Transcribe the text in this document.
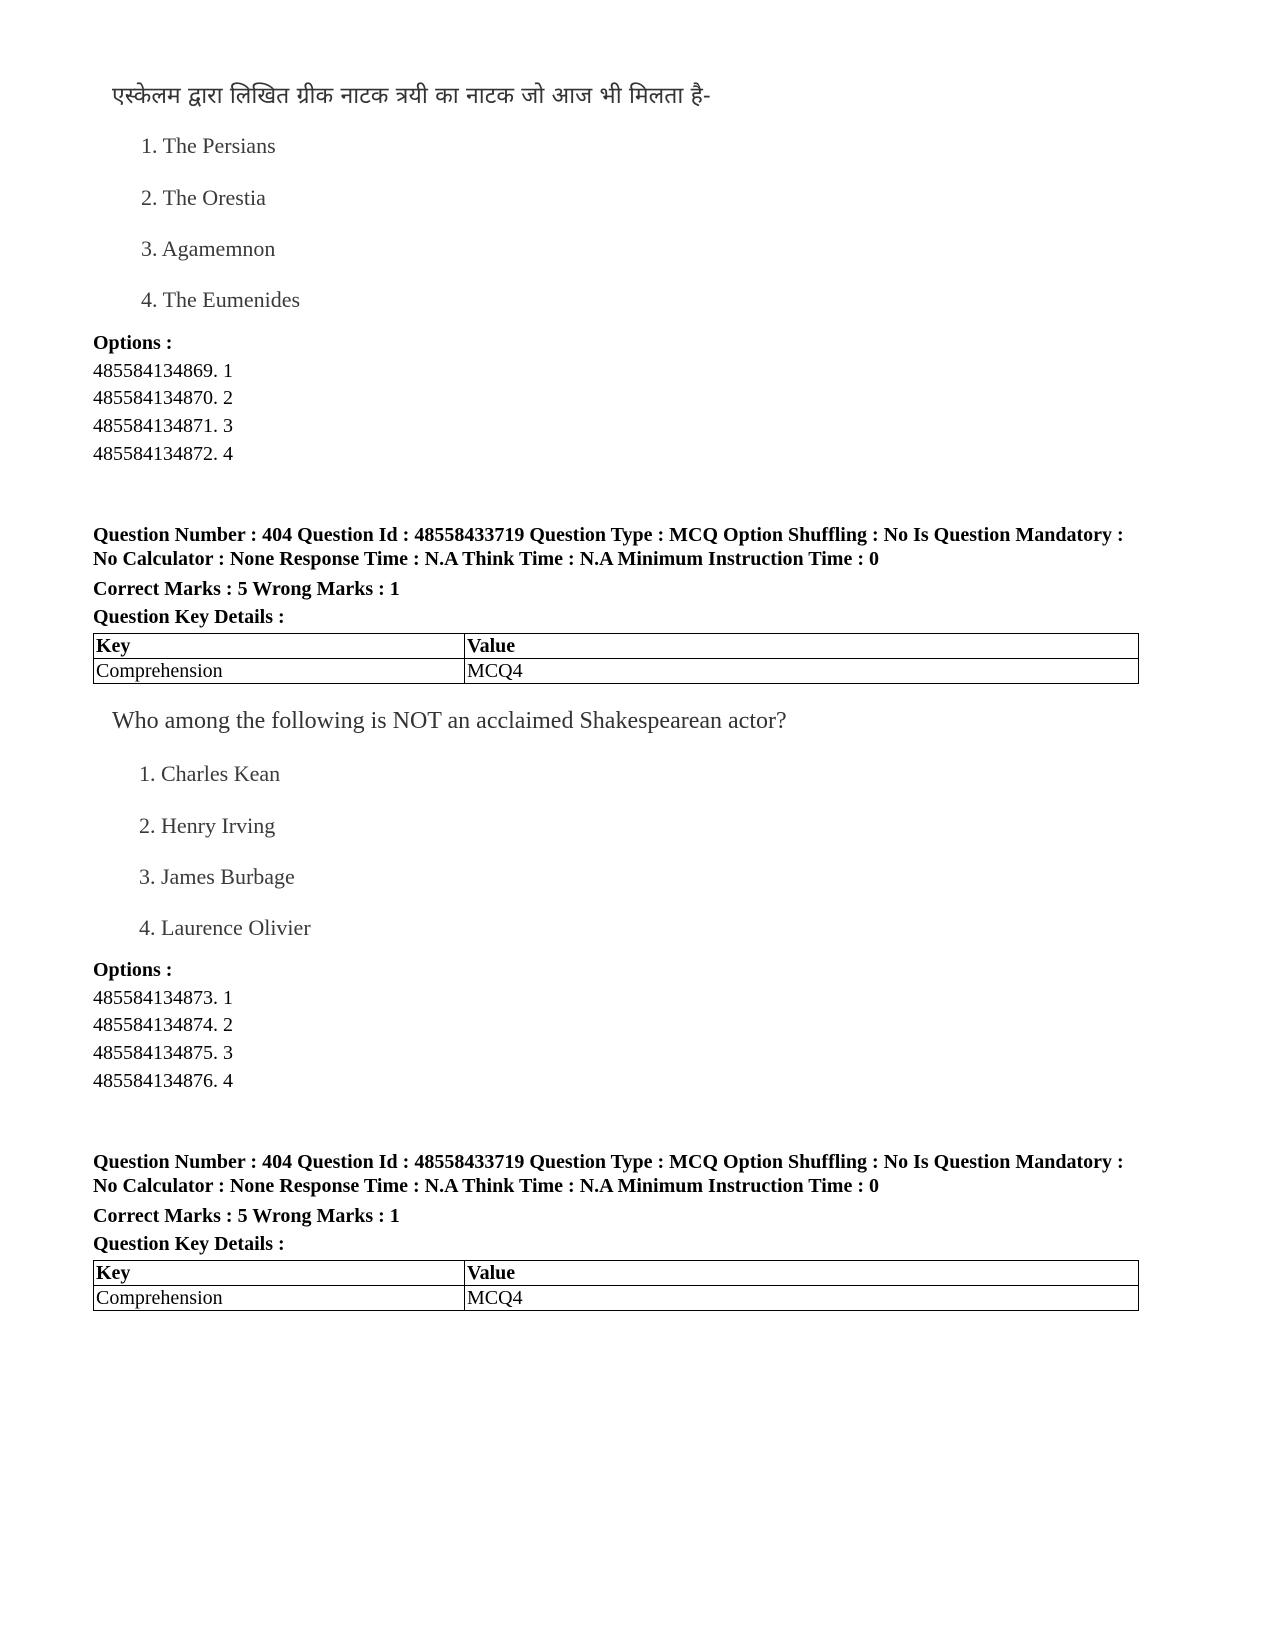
एस्केलम द्वारा लिखित ग्रीक नाटक त्रयी का नाटक जो आज भी मिलता है-
1. The Persians
2. The Orestia
3. Agamemnon
4. The Eumenides
Options :
485584134869. 1
485584134870. 2
485584134871. 3
485584134872. 4
Question Number : 404 Question Id : 48558433719 Question Type : MCQ Option Shuffling : No Is Question Mandatory :
No Calculator : None Response Time : N.A Think Time : N.A Minimum Instruction Time : 0
Correct Marks : 5 Wrong Marks : 1
Question Key Details :
Key	Value
Comprehension	MCQ4
Who among the following is NOT an acclaimed Shakespearean actor?
1. Charles Kean
2. Henry Irving
3. James Burbage
4. Laurence Olivier
Options :
485584134873. 1
485584134874. 2
485584134875. 3
485584134876. 4
Question Number : 404 Question Id : 48558433719 Question Type : MCQ Option Shuffling : No Is Question Mandatory :
No Calculator : None Response Time : N.A Think Time : N.A Minimum Instruction Time : 0
Correct Marks : 5 Wrong Marks : 1
Question Key Details :
Key	Value
Comprehension	MCQ4
